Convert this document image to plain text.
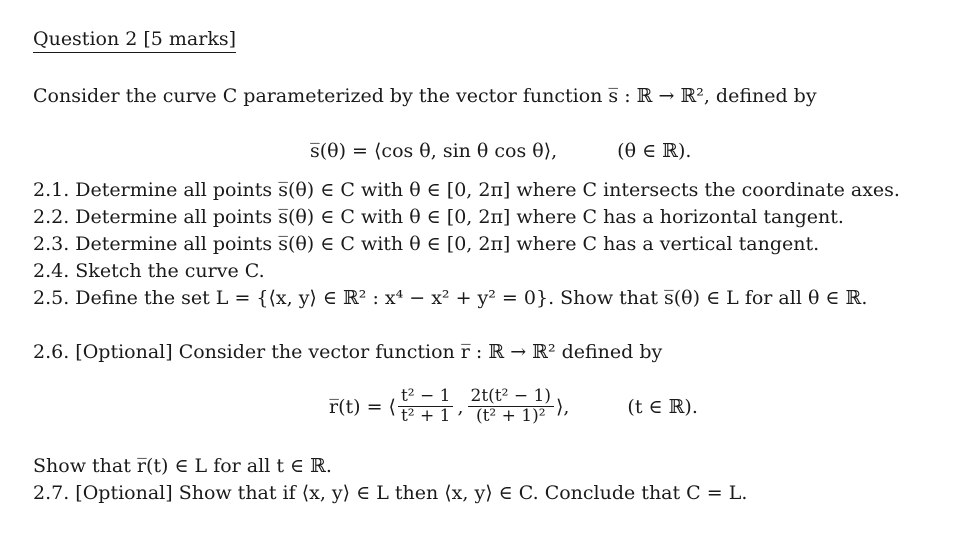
Question 2 [5 marks]
Consider the curve C parameterized by the vector function s̅ : ℝ → ℝ², defined by
s̅(θ) = ⟨cos θ, sin θ cos θ⟩,	(θ ∈ ℝ).
2.1. Determine all points s̅(θ) ∈ C with θ ∈ [0, 2π] where C intersects the coordinate axes.
2.2. Determine all points s̅(θ) ∈ C with θ ∈ [0, 2π] where C has a horizontal tangent.
2.3. Determine all points s̅(θ) ∈ C with θ ∈ [0, 2π] where C has a vertical tangent.
2.4. Sketch the curve C.
2.5. Define the set L = {⟨x, y⟩ ∈ ℝ² : x⁴ − x² + y² = 0}. Show that s̅(θ) ∈ L for all θ ∈ ℝ.
2.6. [Optional] Consider the vector function r̅ : ℝ → ℝ² defined by
r̅(t) = ⟨ $\frac{\text{t² − 1}}{\text{t² + 1}}$ , $\frac{\text{2t(t² − 1)}}{\text{(t² + 1)²}}$ ⟩,	(t ∈ ℝ).
Show that r̅(t) ∈ L for all t ∈ ℝ.
2.7. [Optional] Show that if ⟨x, y⟩ ∈ L then ⟨x, y⟩ ∈ C. Conclude that C = L.
